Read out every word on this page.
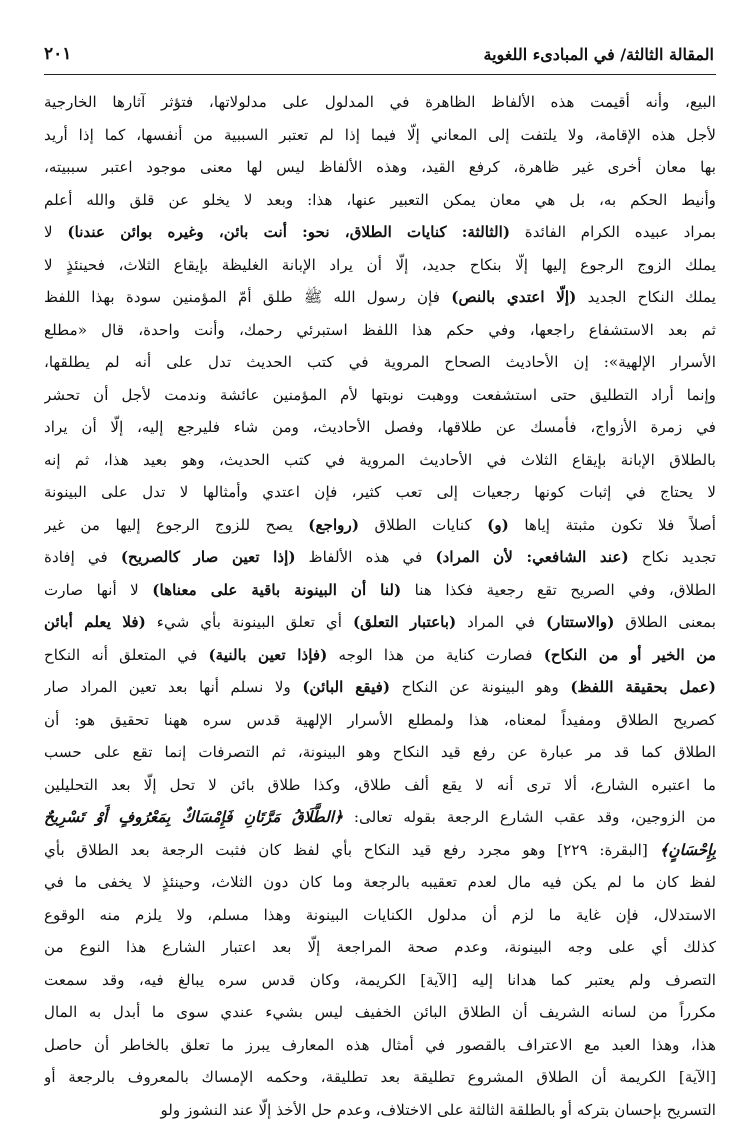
المقالة الثالثة/ في المبادىء اللغوية
٢٠١
البيع، وأنه أقيمت هذه الألفاظ الظاهرة في المدلول على مدلولاتها، فتؤثر آثارها الخارجية
لأجل هذه الإقامة، ولا يلتفت إلى المعاني إلّا فيما إذا لم تعتبر السببية من أنفسها، كما إذا أريد
بها معان أخرى غير ظاهرة، كرفع القيد، وهذه الألفاظ ليس لها معنى موجود اعتبر سببيته،
وأنيط الحكم به، بل هي معان يمكن التعبير عنها، هذا: وبعد لا يخلو عن قلق والله أعلم
بمراد عبيده الكرام الفائدة (الثالثة: كنايات الطلاق، نحو: أنت بائن، وغيره بوائن عندنا) لا
يملك الزوج الرجوع إليها إلّا بنكاح جديد، إلّا أن يراد الإبانة الغليظة بإيقاع الثلاث، فحينئذٍ لا
يملك النكاح الجديد (إلّا اعتدي بالنص) فإن رسول الله ﷺ طلق أمّ المؤمنين سودة بهذا اللفظ
ثم بعد الاستشفاع راجعها، وفي حكم هذا اللفظ استبرئي رحمك، وأنت واحدة، قال «مطلع
الأسرار الإلهية»: إن الأحاديث الصحاح المروية في كتب الحديث تدل على أنه لم يطلقها،
وإنما أراد التطليق حتى استشفعت ووهبت نوبتها لأم المؤمنين عائشة وندمت لأجل أن تحشر
في زمرة الأزواج، فأمسك عن طلاقها، وفصل الأحاديث، ومن شاء فليرجع إليه، إلّا أن يراد
بالطلاق الإبانة بإيقاع الثلاث في الأحاديث المروية في كتب الحديث، وهو بعيد هذا، ثم إنه
لا يحتاج في إثبات كونها رجعيات إلى تعب كثير، فإن اعتدي وأمثالها لا تدل على البينونة
أصلاً فلا تكون مثبتة إياها (و) كنايات الطلاق (رواجع) يصح للزوج الرجوع إليها من غير
تجديد نكاح (عند الشافعي: لأن المراد) في هذه الألفاظ (إذا تعين صار كالصريح) في إفادة
الطلاق، وفي الصريح تقع رجعية فكذا هنا (لنا أن البينونة باقية على معناها) لا أنها صارت
بمعنى الطلاق (والاستتار) في المراد (باعتبار التعلق) أي تعلق البينونة بأي شيء (فلا يعلم أبائن
من الخير أو من النكاح) فصارت كناية من هذا الوجه (فإذا تعين بالنية) في المتعلق أنه النكاح
(عمل بحقيقة اللفظ) وهو البينونة عن النكاح (فيقع البائن) ولا نسلم أنها بعد تعين المراد صار
كصريح الطلاق ومفيداً لمعناه، هذا ولمطلع الأسرار الإلهية قدس سره ههنا تحقيق هو: أن
الطلاق كما قد مر عبارة عن رفع قيد النكاح وهو البينونة، ثم التصرفات إنما تقع على حسب
ما اعتبره الشارع، ألا ترى أنه لا يقع ألف طلاق، وكذا طلاق بائن لا تحل إلّا بعد التحليلين
من الزوجين، وقد عقب الشارع الرجعة بقوله تعالى: ﴿الطَّلَاقُ مَرَّتَانِ فَإِمْسَاكٌ بِمَعْرُوفٍ أَوْ تَسْرِيحٌ
بِإِحْسَانٍ﴾ [البقرة: ٢٢٩] وهو مجرد رفع قيد النكاح بأي لفظ كان فثبت الرجعة بعد الطلاق بأي
لفظ كان ما لم يكن فيه مال لعدم تعقيبه بالرجعة وما كان دون الثلاث، وحينئذٍ لا يخفى ما في
الاستدلال، فإن غاية ما لزم أن مدلول الكنايات البينونة وهذا مسلم، ولا يلزم منه الوقوع
كذلك أي على وجه البينونة، وعدم صحة المراجعة إلّا بعد اعتبار الشارع هذا النوع من
التصرف ولم يعتبر كما هدانا إليه [الآية] الكريمة، وكان قدس سره يبالغ فيه، وقد سمعت
مكرراً من لسانه الشريف أن الطلاق البائن الخفيف ليس بشيء عندي سوى ما أبدل به المال
هذا، وهذا العبد مع الاعتراف بالقصور في أمثال هذه المعارف يبرز ما تعلق بالخاطر أن حاصل
[الآية] الكريمة أن الطلاق المشروع تطليقة بعد تطليقة، وحكمه الإمساك بالمعروف بالرجعة أو
التسريح بإحسان بتركه أو بالطلقة الثالثة على الاختلاف، وعدم حل الأخذ إلّا عند النشوز ولو
